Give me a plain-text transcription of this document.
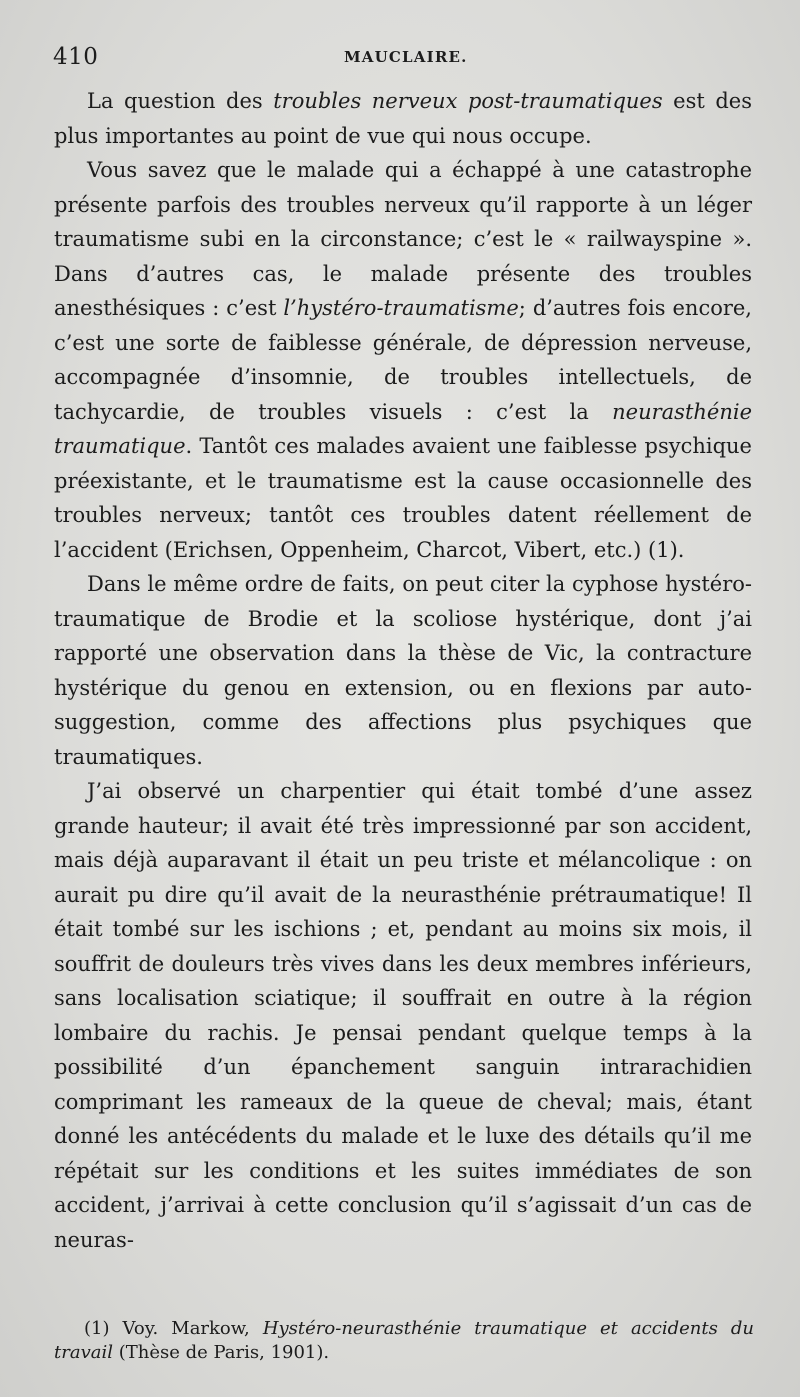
410	MAUCLAIRE.

La question des troubles nerveux post-traumatiques est des plus importantes au point de vue qui nous occupe.

Vous savez que le malade qui a échappé à une catastrophe présente parfois des troubles nerveux qu’il rapporte à un léger traumatisme subi en la circonstance; c’est le « railwayspine ». Dans d’autres cas, le malade présente des troubles anesthésiques : c’est l’hystéro-traumatisme; d’autres fois encore, c’est une sorte de faiblesse générale, de dépression nerveuse, accompagnée d’insomnie, de troubles intellectuels, de tachycardie, de troubles visuels : c’est la neurasthénie traumatique. Tantôt ces malades avaient une faiblesse psychique préexistante, et le traumatisme est la cause occasionnelle des troubles nerveux; tantôt ces troubles datent réellement de l’accident (Erichsen, Oppenheim, Charcot, Vibert, etc.) (1).

Dans le même ordre de faits, on peut citer la cyphose hystéro-traumatique de Brodie et la scoliose hystérique, dont j’ai rapporté une observation dans la thèse de Vic, la contracture hystérique du genou en extension, ou en flexions par auto-suggestion, comme des affections plus psychiques que traumatiques.

J’ai observé un charpentier qui était tombé d’une assez grande hauteur; il avait été très impressionné par son accident, mais déjà auparavant il était un peu triste et mélancolique : on aurait pu dire qu’il avait de la neurasthénie prétraumatique! Il était tombé sur les ischions ; et, pendant au moins six mois, il souffrit de douleurs très vives dans les deux membres inférieurs, sans localisation sciatique; il souffrait en outre à la région lombaire du rachis. Je pensai pendant quelque temps à la possibilité d’un épanchement sanguin intrarachidien comprimant les rameaux de la queue de cheval; mais, étant donné les antécédents du malade et le luxe des détails qu’il me répétait sur les conditions et les suites immédiates de son accident, j’arrivai à cette conclusion qu’il s’agissait d’un cas de neuras-

(1) Voy. Markow, Hystéro-neurasthénie traumatique et accidents du travail (Thèse de Paris, 1901).
